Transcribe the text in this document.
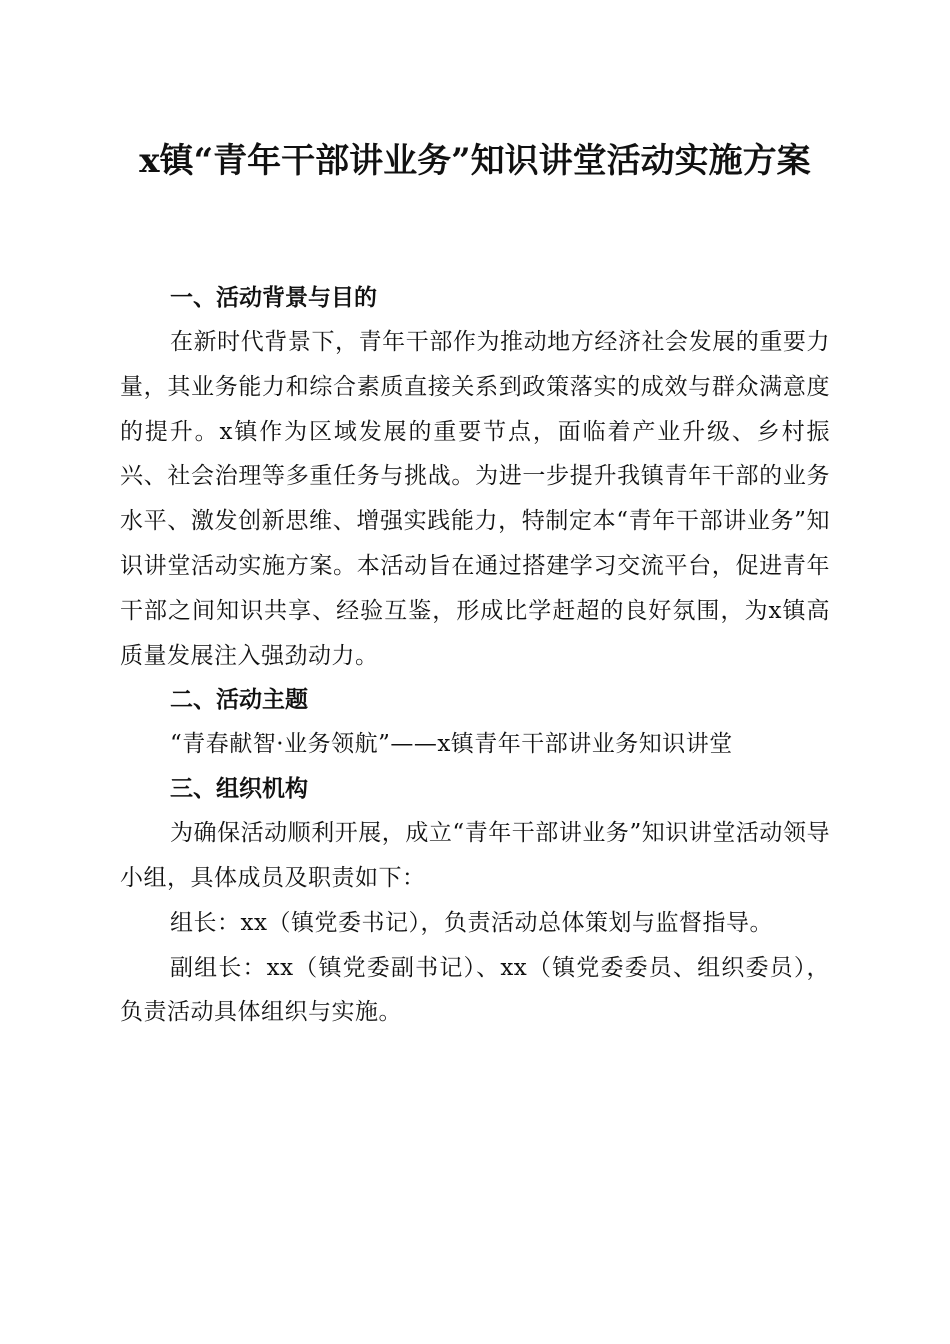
x镇“青年干部讲业务”知识讲堂活动实施方案
一、活动背景与目的

在新时代背景下，青年干部作为推动地方经济社会发展的重要力量，其业务能力和综合素质直接关系到政策落实的成效与群众满意度的提升。x镇作为区域发展的重要节点，面临着产业升级、乡村振兴、社会治理等多重任务与挑战。为进一步提升我镇青年干部的业务水平、激发创新思维、增强实践能力，特制定本“青年干部讲业务”知识讲堂活动实施方案。本活动旨在通过搭建学习交流平台，促进青年干部之间知识共享、经验互鉴，形成比学赶超的良好氛围，为x镇高质量发展注入强劲动力。

二、活动主题

“青春献智·业务领航”——x镇青年干部讲业务知识讲堂

三、组织机构

为确保活动顺利开展，成立“青年干部讲业务”知识讲堂活动领导小组，具体成员及职责如下：

组长：xx（镇党委书记），负责活动总体策划与监督指导。

副组长：xx（镇党委副书记）、xx（镇党委委员、组织委员），负责活动具体组织与实施。
